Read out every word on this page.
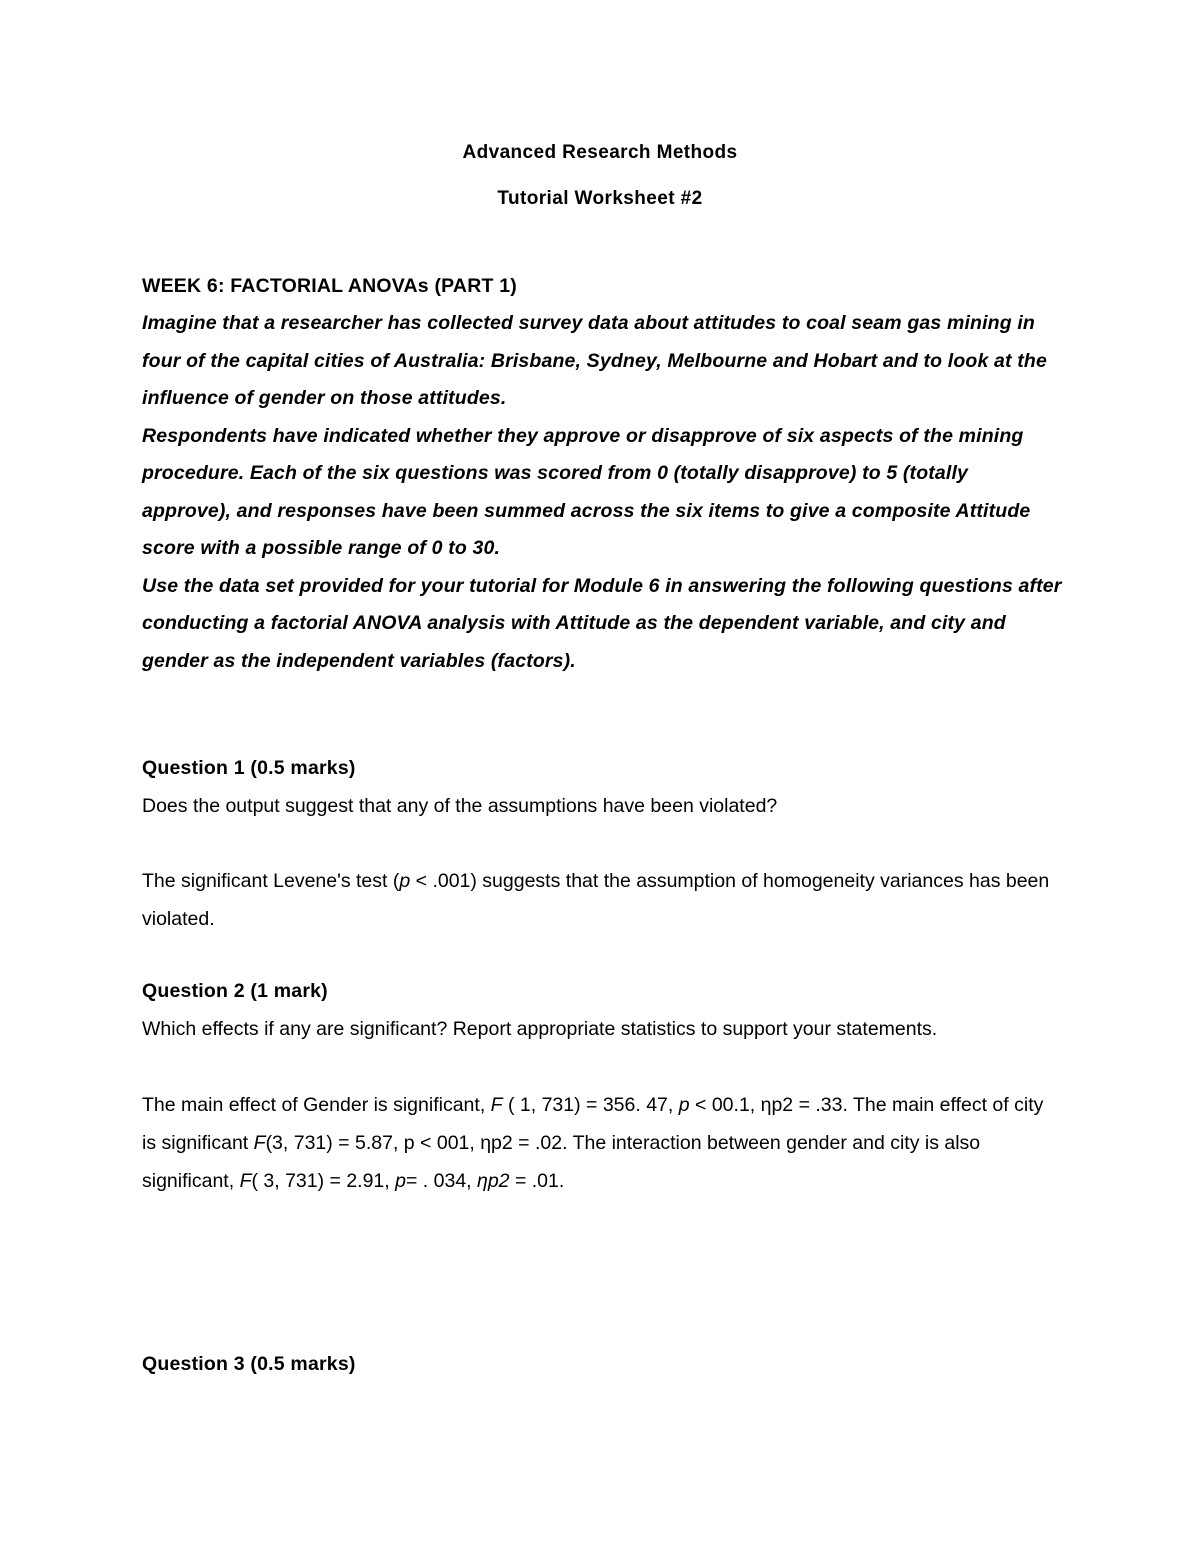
Advanced Research Methods
Tutorial Worksheet #2
WEEK 6: FACTORIAL ANOVAs (PART 1)

Imagine that a researcher has collected survey data about attitudes to coal seam gas mining in four of the capital cities of Australia: Brisbane, Sydney, Melbourne and Hobart and to look at the influence of gender on those attitudes.

Respondents have indicated whether they approve or disapprove of six aspects of the mining procedure. Each of the six questions was scored from 0 (totally disapprove) to 5 (totally approve), and responses have been summed across the six items to give a composite Attitude score with a possible range of 0 to 30.

Use the data set provided for your tutorial for Module 6 in answering the following questions after conducting a factorial ANOVA analysis with Attitude as the dependent variable, and city and gender as the independent variables (factors).

Question 1 (0.5 marks)
Does the output suggest that any of the assumptions have been violated?
The significant Levene's test (p < .001) suggests that the assumption of homogeneity variances has been violated.
Question 2 (1 mark)
Which effects if any are significant? Report appropriate statistics to support your statements.
The main effect of Gender is significant, F ( 1, 731) = 356. 47, p < 00.1, ηp2 = .33. The main effect of city is significant F(3, 731) = 5.87, p < 001, ηp2 = .02. The interaction between gender and city is also significant, F( 3, 731) = 2.91, p= . 034, ηp2 = .01.
Question 3 (0.5 marks)
